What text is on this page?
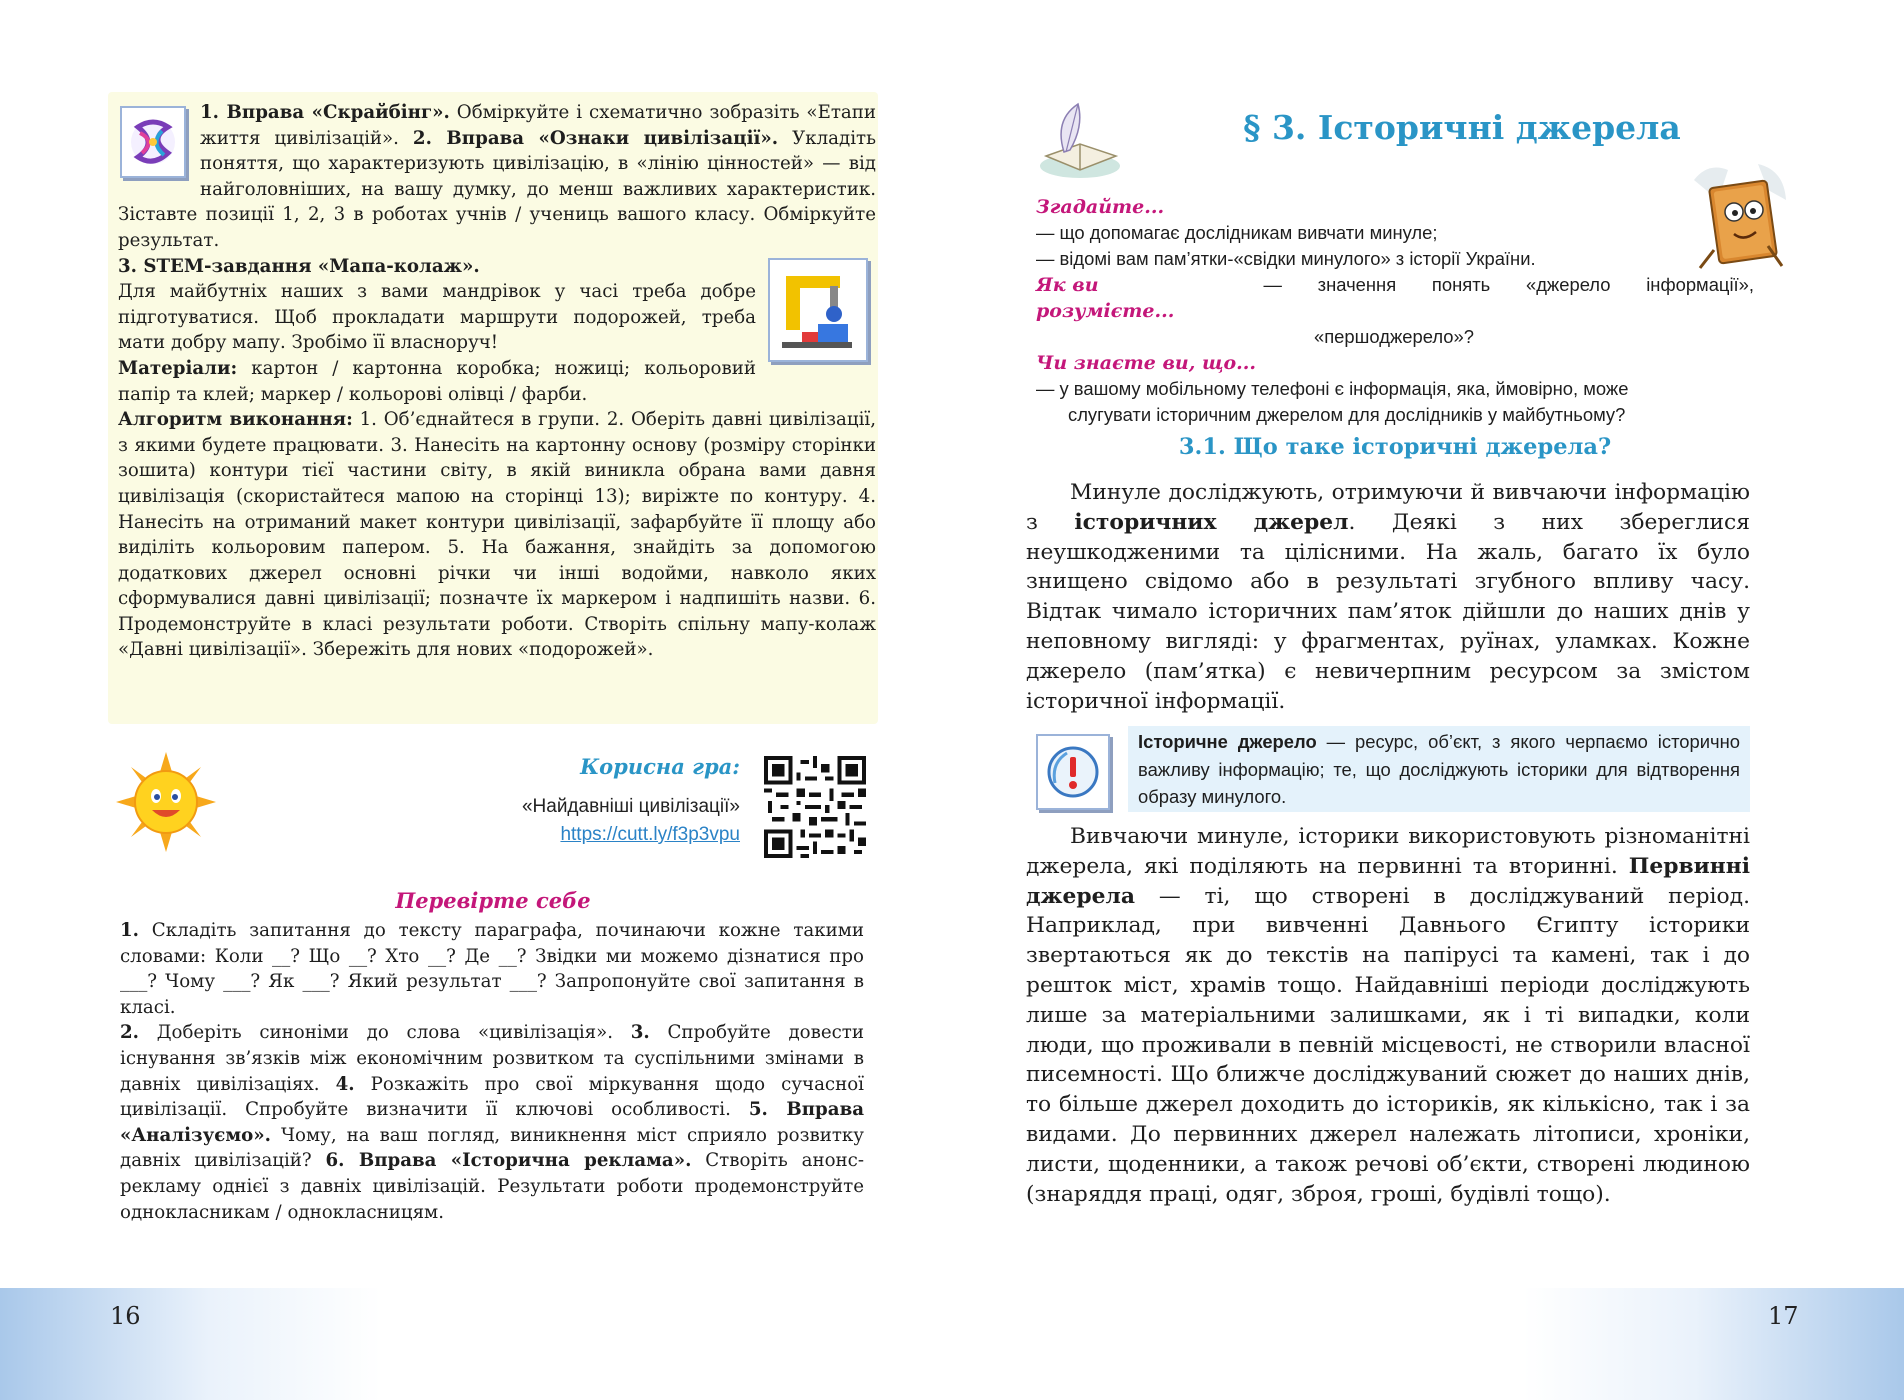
1. Вправа «Скрайбінг». Обміркуйте і схематично зобразіть «Етапи життя цивілізацій». 2. Вправа «Ознаки цивілізації». Укладіть поняття, що характеризують цивілізацію, в «лінію цінностей» — від найголовніших, на вашу думку, до менш важливих характеристик. Зіставте позиції 1, 2, 3 в роботах учнів / учениць вашого класу. Обміркуйте результат.
3. STEM-завдання «Мапа-колаж».
Для майбутніх наших з вами мандрівок у часі треба добре підготуватися. Щоб прокладати маршрути подорожей, треба мати добру мапу. Зробімо її власноруч!
Матеріали: картон / картонна коробка; ножиці; кольоровий папір та клей; маркер / кольорові олівці / фарби.
Алгоритм виконання: 1. Об’єднайтеся в групи. 2. Оберіть давні цивілізації, з якими будете працювати. 3. Нанесіть на картонну основу (розміру сторінки зошита) контури тієї частини світу, в якій виникла обрана вами давня цивілізація (скористайтеся мапою на сторінці 13); виріжте по контуру. 4. Нанесіть на отриманий макет контури цивілізації, зафарбуйте її площу або виділіть кольоровим папером. 5. На бажання, знайдіть за допомогою додаткових джерел основні річки чи інші водойми, навколо яких сформувалися давні цивілізації; позначте їх маркером і надпишіть назви. 6. Продемонструйте в класі результати роботи. Створіть спільну мапу-колаж «Давні цивілізації». Збережіть для нових «подорожей».
Корисна гра:
«Найдавніші цивілізації»
https://cutt.ly/f3p3vpu
Перевірте себе
1. Складіть запитання до тексту параграфа, починаючи кожне такими словами: Коли __? Що __? Хто __? Де __? Звідки ми можемо дізнатися про ___? Чому ___? Як ___? Який результат ___? Запропонуйте свої запитання в класі.
2. Доберіть синоніми до слова «цивілізація». 3. Спробуйте довести існування зв’язків між економічним розвитком та суспільними змінами в давніх цивілізаціях. 4. Розкажіть про свої міркування щодо сучасної цивілізації. Спробуйте визначити її ключові особливості. 5. Вправа «Аналізуємо». Чому, на ваш погляд, виникнення міст сприяло розвитку давніх цивілізацій? 6. Вправа «Історична реклама». Створіть анонс-рекламу однієї з давніх цивілізацій. Результати роботи продемонструйте однокласникам / однокласницям.
16
§ 3. Історичні джерела
Згадайте...
— що допомагає дослідникам вивчати минуле;
— відомі вам пам’ятки-«свідки минулого» з історії України.
Як ви розумієте...
— значення понять «джерело інформації»,
«першоджерело»?
Чи знаєте ви, що...
— у вашому мобільному телефоні є інформація, яка, ймовірно, може
слугувати історичним джерелом для дослідників у майбутньому?
3.1. Що таке історичні джерела?

Минуле досліджують, отримуючи й вивчаючи інформацію з історичних джерел. Деякі з них збереглися неушкодженими та цілісними. На жаль, багато їх було знищено свідомо або в результаті згубного впливу часу. Відтак чимало історичних пам’яток дійшли до наших днів у неповному вигляді: у фрагментах, руїнах, уламках. Кожне джерело (пам’ятка) є невичерпним ресурсом за змістом історичної інформації.

Історичне джерело — ресурс, об’єкт, з якого черпаємо історично важливу інформацію; те, що досліджують історики для відтворення образу минулого.

Вивчаючи минуле, історики використовують різноманітні джерела, які поділяють на первинні та вторинні. Первинні джерела — ті, що створені в досліджуваний період. Наприклад, при вивченні Давнього Єгипту історики звертаються як до текстів на папірусі та камені, так і до решток міст, храмів тощо. Найдавніші періоди досліджують лише за матеріальними залишками, як і ті випадки, коли люди, що проживали в певній місцевості, не створили власної писемності. Що ближче досліджуваний сюжет до наших днів, то більше джерел доходить до істориків, як кількісно, так і за видами. До первинних джерел належать літописи, хроніки, листи, щоденники, а також речові об’єкти, створені людиною (знаряддя праці, одяг, зброя, гроші, будівлі тощо).

17
